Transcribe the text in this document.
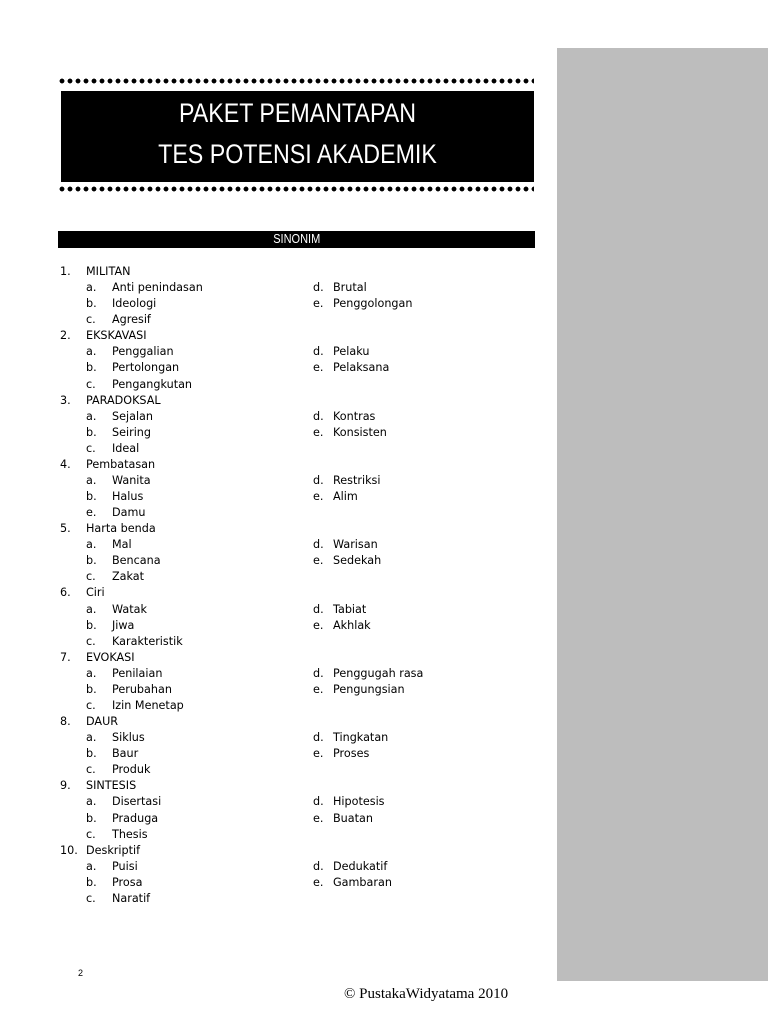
PAKET PEMANTAPAN
TES POTENSI AKADEMIK
SINONIM
1. MILITAN
a. Anti penindasan
b. Ideologi
c. Agresif
d. Brutal
e. Penggolongan
2. EKSKAVASI
a. Penggalian
b. Pertolongan
c. Pengangkutan
d. Pelaku
e. Pelaksana
3. PARADOKSAL
a. Sejalan
b. Seiring
c. Ideal
d. Kontras
e. Konsisten
4. Pembatasan
a. Wanita
b. Halus
e. Damu
d. Restriksi
e. Alim
5. Harta benda
a. Mal
b. Bencana
c. Zakat
d. Warisan
e. Sedekah
6. Ciri
a. Watak
b. Jiwa
c. Karakteristik
d. Tabiat
e. Akhlak
7. EVOKASI
a. Penilaian
b. Perubahan
c. Izin Menetap
d. Penggugah rasa
e. Pengungsian
8. DAUR
a. Siklus
b. Baur
c. Produk
d. Tingkatan
e. Proses
9. SINTESIS
a. Disertasi
b. Praduga
c. Thesis
d. Hipotesis
e. Buatan
10. Deskriptif
a. Puisi
b. Prosa
c. Naratif
d. Dedukatif
e. Gambaran
2
© PustakaWidyatama 2010
